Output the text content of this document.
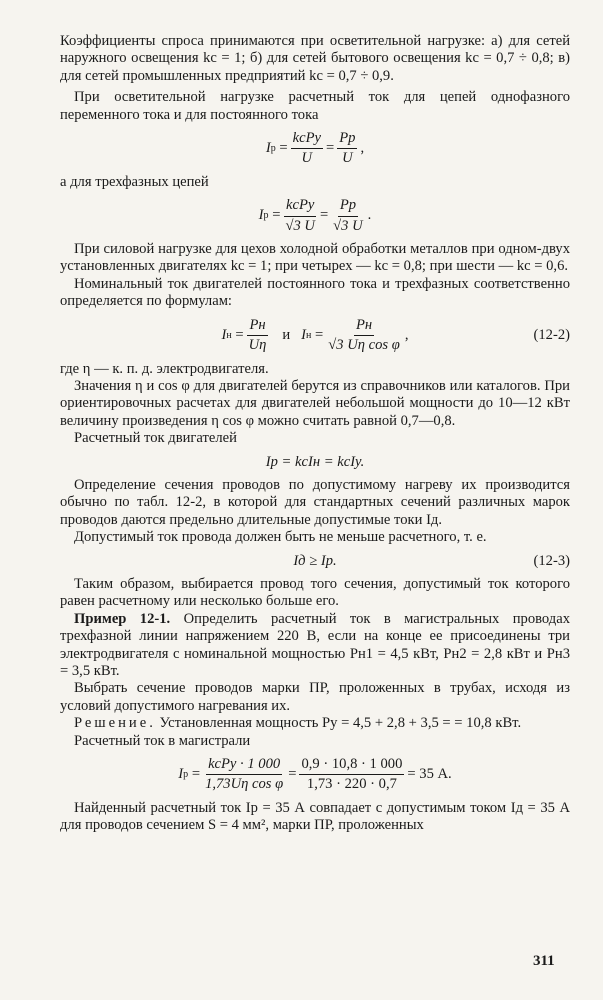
Коэффициенты спроса принимаются при осветительной нагрузке: а) для сетей наружного освещения kс = 1; б) для сетей бытового освещения kс = 0,7 ÷ 0,8; в) для сетей промышленных предприятий kс = 0,7 ÷ 0,9.

При осветительной нагрузке расчетный ток для цепей однофазного переменного тока и для постоянного тока

I $р = \frac{\text{kсPу}}{U} = \frac{Pр}{U}$ ,

а для трехфазных цепей

I $р = \frac{\text{kсPу}}{√3 U} = \frac{Pр}{√3 U}$ .

При силовой нагрузке для цехов холодной обработки металлов при одном-двух установленных двигателях kс = 1; при четырех — kс = 0,8; при шести — kс = 0,6.

Номинальный ток двигателей постоянного тока и трехфазных соответственно определяется по формулам:

I $н = \frac{Pн}{U\eta}$
и
I $н = \frac{Pн}{\text{√3 Uη cos φ}}$ ,	(12-2)

где η — к. п. д. электродвигателя.

Значения η и cos φ для двигателей берутся из справочников или каталогов. При ориентировочных расчетах для двигателей небольшой мощности до 10—12 кВт величину произведения η cos φ можно считать равной 0,7—0,8.

Расчетный ток двигателей

Iр = kсIн = kсIу.

Определение сечения проводов по допустимому нагреву их производится обычно по табл. 12-2, в которой для стандартных сечений различных марок проводов даются предельно длительные допустимые токи Iд.

Допустимый ток провода должен быть не меньше расчетного, т. е.

Iд ≥ Iр.	(12-3)

Таким образом, выбирается провод того сечения, допустимый ток которого равен расчетному или несколько больше его.

Пример 12-1. Определить расчетный ток в магистральных проводах трехфазной линии напряжением 220 В, если на конце ее присоединены три электродвигателя с номинальной мощностью Pн1 = 4,5 кВт, Pн2 = 2,8 кВт и Pн3 = 3,5 кВт.

Выбрать сечение проводов марки ПР, проложенных в трубах, исходя из условий допустимого нагревания их.

Решение. Установленная мощность Pу = 4,5 + 2,8 + 3,5 = = 10,8 кВт.

Расчетный ток в магистрали

I $р = \frac{\text{kсPу · 1 000}}{\text{1,73Uη cos φ}} = \frac{0,9 \cdot 10,8 \cdot 1 000}{1,73 \cdot 220 \cdot 0,7} = 35$ А.

Найденный расчетный ток Iр = 35 А совпадает с допустимым током Iд = 35 А для проводов сечением S = 4 мм², марки ПР, проложенных

311
